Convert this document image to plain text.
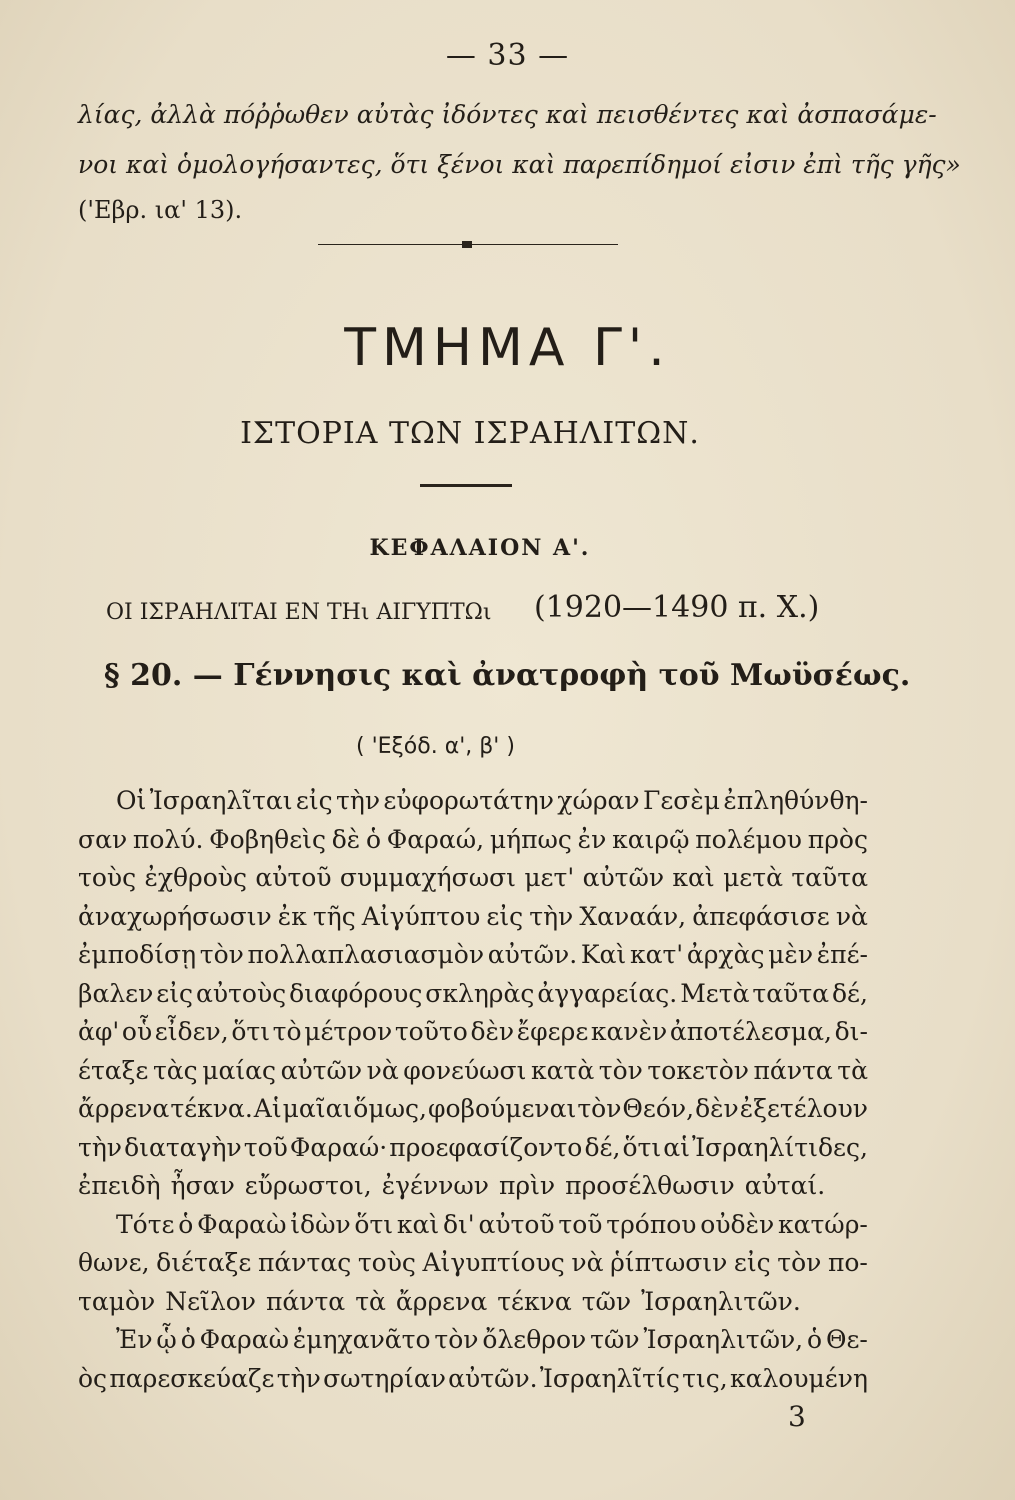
— 33 —
λίας, ἀλλὰ πόῤῥωθεν αὐτὰς ἰδόντες καὶ πεισθέντες καὶ ἀσπασάμε-
νοι καὶ ὁμολογήσαντες, ὅτι ξένοι καὶ παρεπίδημοί εἰσιν ἐπὶ τῆς γῆς»
('Εβρ. ια' 13).
ΤΜΗΜΑ Γ'.
ΙΣΤΟΡΙΑ ΤΩΝ ΙΣΡΑΗΛΙΤΩΝ.
ΚΕΦΑΛΑΙΟΝ Α'.
ΟΙ ΙΣΡΑΗΛΙΤΑΙ ΕΝ ΤΗι ΑΙΓΥΠΤΩι (1920—1490 π. Χ.)
§ 20. — Γέννησις καὶ ἀνατροφὴ τοῦ Μωϋσέως.
( 'Εξόδ. α', β' )
Οἱ Ἰσραηλῖται εἰς τὴν εὐφορωτάτην χώραν Γεσὲμ ἐπληθύνθη-
σαν πολύ. Φοβηθεὶς δὲ ὁ Φαραώ, μήπως ἐν καιρῷ πολέμου πρὸς
τοὺς ἐχθροὺς αὐτοῦ συμμαχήσωσι μετ' αὐτῶν καὶ μετὰ ταῦτα
ἀναχωρήσωσιν ἐκ τῆς Αἰγύπτου εἰς τὴν Χαναάν, ἀπεφάσισε νὰ
ἐμποδίσῃ τὸν πολλαπλασιασμὸν αὐτῶν. Καὶ κατ' ἀρχὰς μὲν ἐπέ-
βαλεν εἰς αὐτοὺς διαφόρους σκληρὰς ἀγγαρείας. Μετὰ ταῦτα δέ,
ἀφ' οὗ εἶδεν, ὅτι τὸ μέτρον τοῦτο δὲν ἔφερε κανὲν ἀποτέλεσμα, δι-
έταξε τὰς μαίας αὐτῶν νὰ φονεύωσι κατὰ τὸν τοκετὸν πάντα τὰ
ἄρρενα τέκνα. Αἱ μαῖαι ὅμως, φοβούμεναι τὸν Θεόν, δὲν ἐξετέλουν
τὴν διαταγὴν τοῦ Φαραώ· προεφασίζοντο δέ, ὅτι αἱ Ἰσραηλίτιδες,
ἐπειδὴ ἦσαν εὔρωστοι, ἐγέννων πρὶν προσέλθωσιν αὐταί.
Τότε ὁ Φαραὼ ἰδὼν ὅτι καὶ δι' αὐτοῦ τοῦ τρόπου οὐδὲν κατώρ-
θωνε, διέταξε πάντας τοὺς Αἰγυπτίους νὰ ῥίπτωσιν εἰς τὸν πο-
ταμὸν Νεῖλον πάντα τὰ ἄρρενα τέκνα τῶν Ἰσραηλιτῶν.
Ἐν ᾧ ὁ Φαραὼ ἐμηχανᾶτο τὸν ὄλεθρον τῶν Ἰσραηλιτῶν, ὁ Θε-
ὸς παρεσκεύαζε τὴν σωτηρίαν αὐτῶν. Ἰσραηλῖτίς τις, καλουμένη
3
